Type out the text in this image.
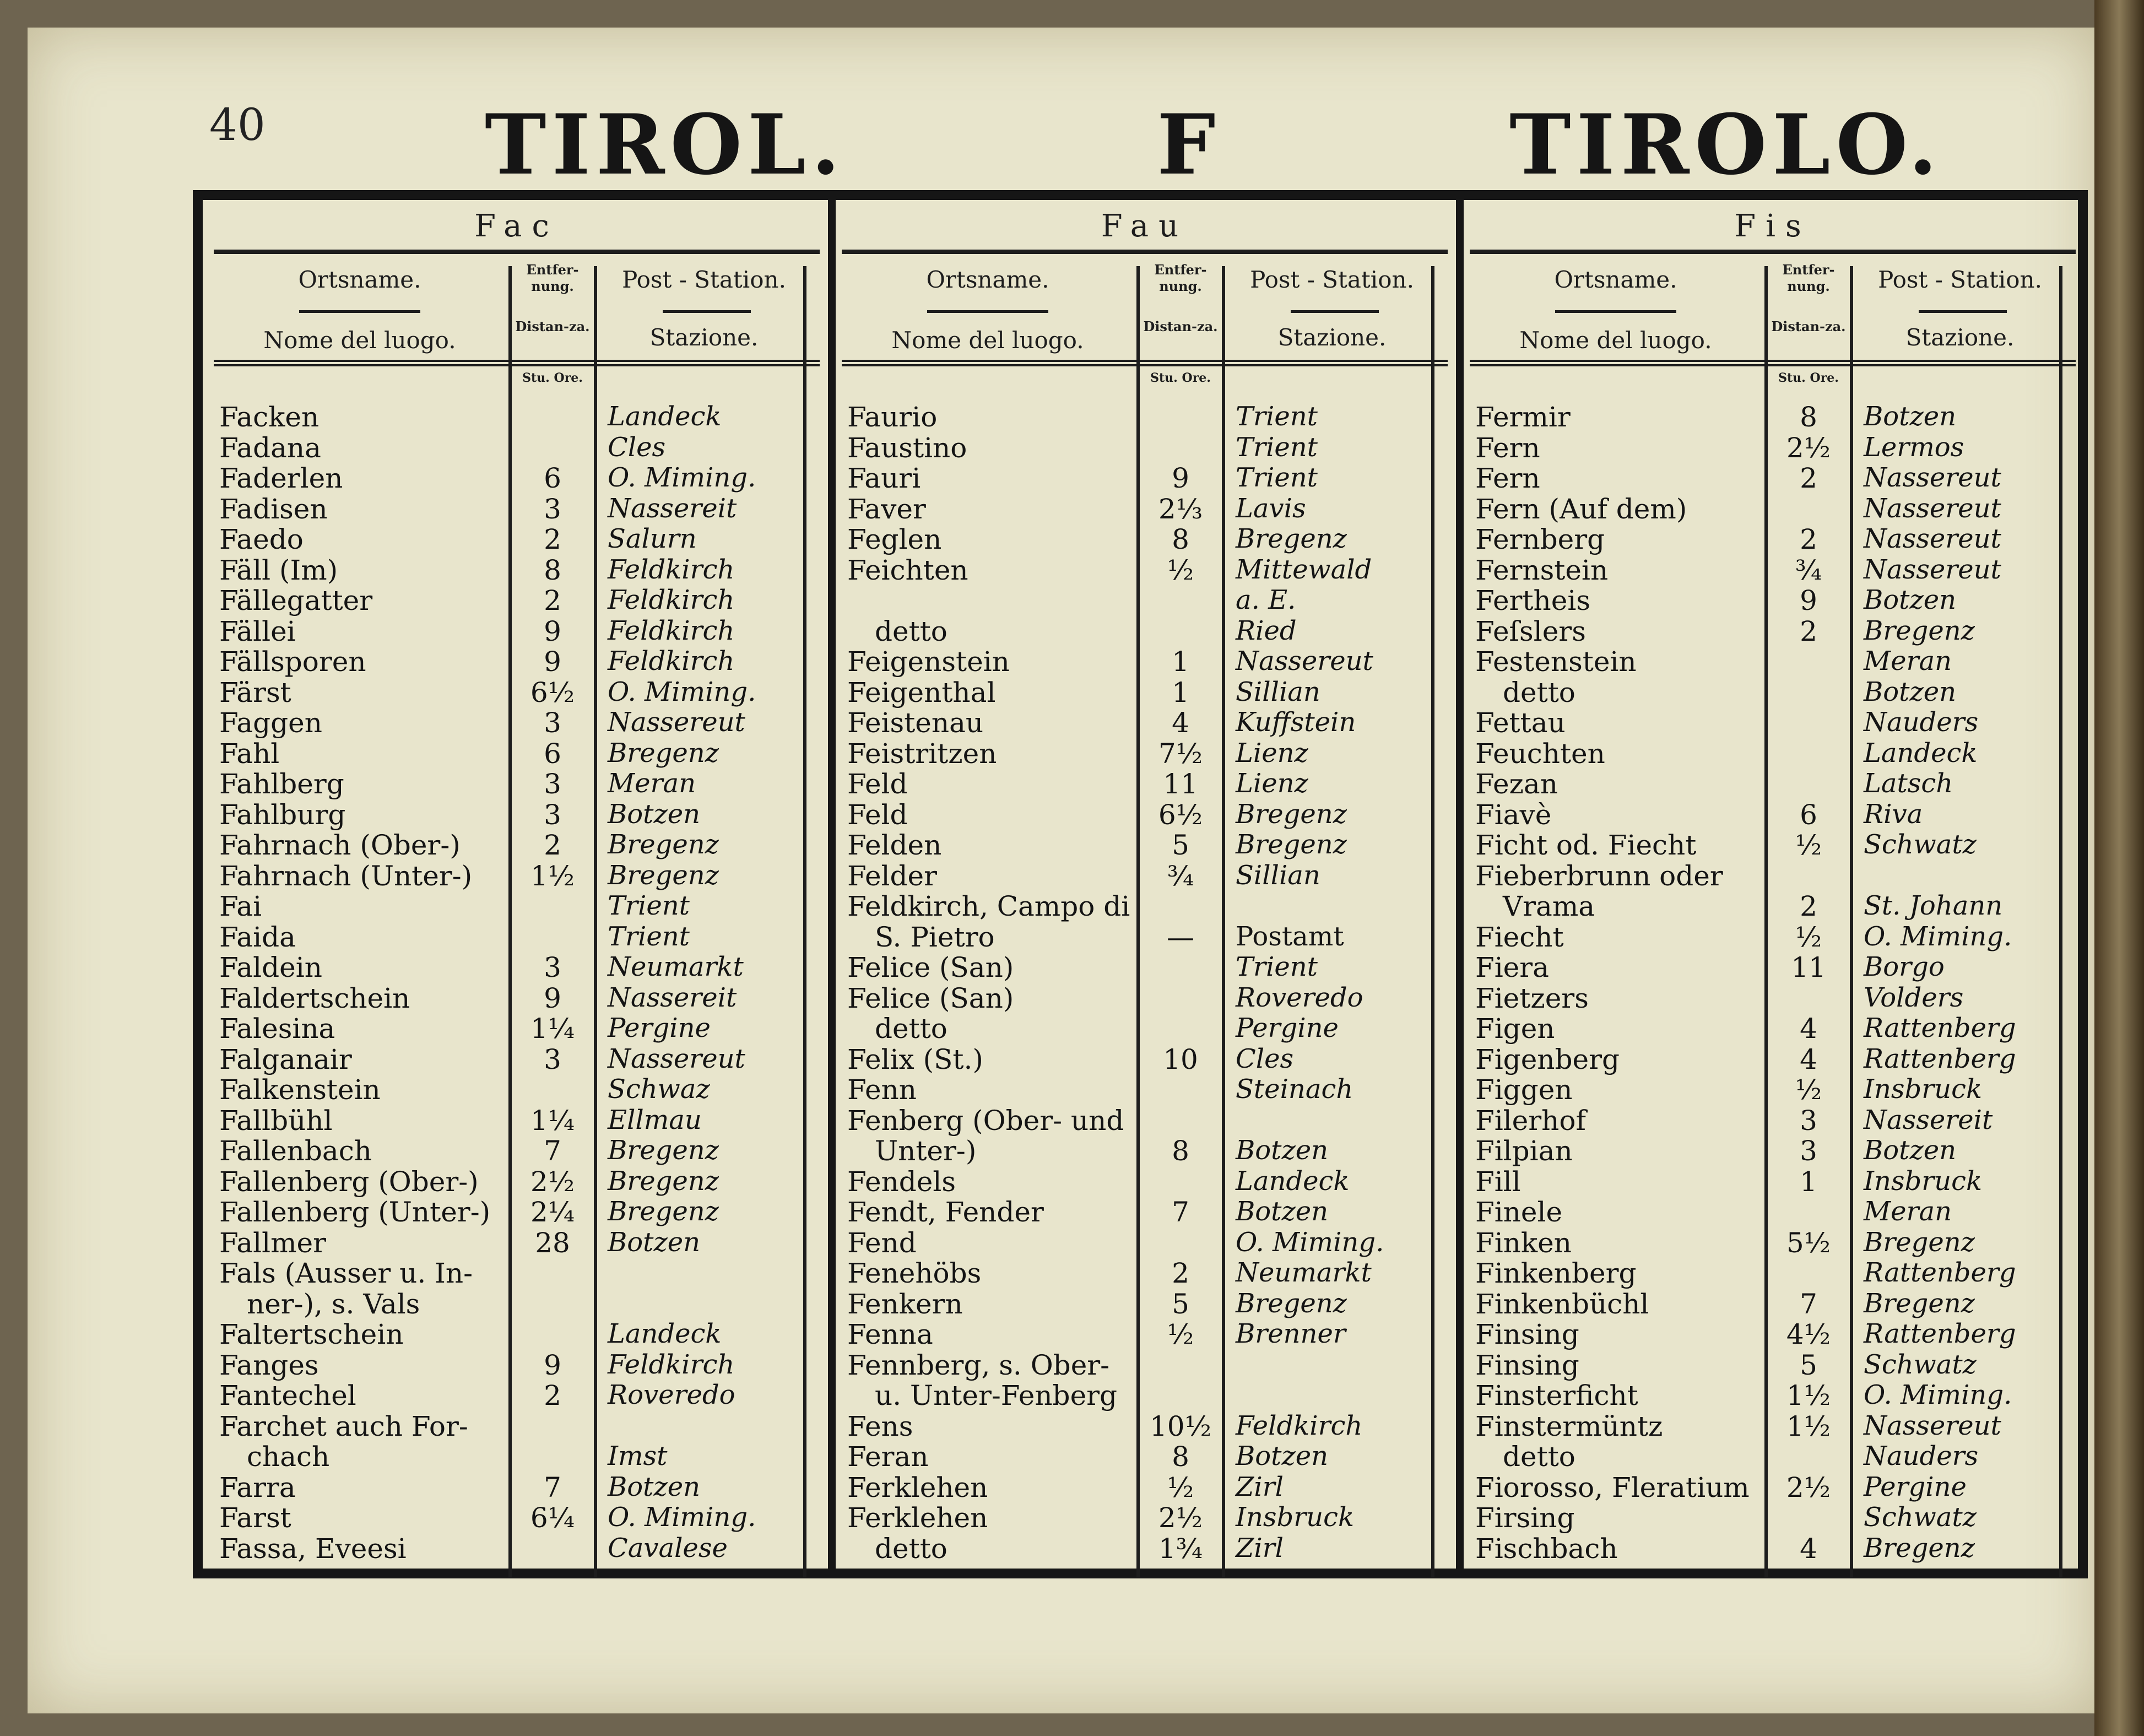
40	TIROL.	F	TIROLO.
Fac
Ortsname.
Nome del luogo.
Entfer-nung.
Distan-za.
Post - Station.
Stazione.
Stu. Ore.
Facken	Landeck
Fadana	Cles
Faderlen	6	O. Miming.
Fadisen	3	Nassereit
Faedo	2	Salurn
Fäll (Im)	8	Feldkirch
Fällegatter	2	Feldkirch
Fällei	9	Feldkirch
Fällsporen	9	Feldkirch
Färst	6½	O. Miming.
Faggen	3	Nassereut
Fahl	6	Bregenz
Fahlberg	3	Meran
Fahlburg	3	Botzen
Fahrnach (Ober-)	2	Bregenz
Fahrnach (Unter-)	1½	Bregenz
Fai	Trient
Faida	Trient
Faldein	3	Neumarkt
Faldertschein	9	Nassereit
Falesina	1¼	Pergine
Falganair	3	Nassereut
Falkenstein	Schwaz
Fallbühl	1¼	Ellmau
Fallenbach	7	Bregenz
Fallenberg (Ober-)	2½	Bregenz
Fallenberg (Unter-)	2¼	Bregenz
Fallmer	28	Botzen
Fals (Ausser u. In-
ner-), s. Vals
Faltertschein	Landeck
Fanges	9	Feldkirch
Fantechel	2	Roveredo
Farchet auch For-
chach	Imst
Farra	7	Botzen
Farst	6¼	O. Miming.
Fassa, Eveesi	Cavalese
Fau
Ortsname.
Nome del luogo.
Entfer-nung.
Distan-za.
Post - Station.
Stazione.
Stu. Ore.
Faurio	Trient
Faustino	Trient
Fauri	9	Trient
Faver	2⅓	Lavis
Feglen	8	Bregenz
Feichten	½	Mittewald
a. E.
detto	Ried
Feigenstein	1	Nassereut
Feigenthal	1	Sillian
Feistenau	4	Kuffstein
Feistritzen	7½	Lienz
Feld	11	Lienz
Feld	6½	Bregenz
Felden	5	Bregenz
Felder	¾	Sillian
Feldkirch, Campo di
S. Pietro	—	Postamt
Felice (San)	Trient
Felice (San)	Roveredo
detto	Pergine
Felix (St.)	10	Cles
Fenn	Steinach
Fenberg (Ober- und
Unter-)	8	Botzen
Fendels	Landeck
Fendt, Fender	7	Botzen
Fend	O. Miming.
Fenehöbs	2	Neumarkt
Fenkern	5	Bregenz
Fenna	½	Brenner
Fennberg, s. Ober-
u. Unter-Fenberg
Fens	10½ Feldkirch
Feran	8	Botzen
Ferklehen	½	Zirl
Ferklehen	2½	Insbruck
detto	1¾	Zirl
Fis
Ortsname.
Nome del luogo.
Entfer-nung.
Distan-za.
Post - Station.
Stazione.
Stu. Ore.
Fermir	8	Botzen
Fern	2½	Lermos
Fern	2	Nassereut
Fern (Auf dem)	Nassereut
Fernberg	2	Nassereut
Fernstein	¾	Nassereut
Fertheis	9	Botzen
Feſslers	2	Bregenz
Festenstein	Meran
detto	Botzen
Fettau	Nauders
Feuchten	Landeck
Fezan	Latsch
Fiavè	6	Riva
Ficht od. Fiecht	½	Schwatz
Fieberbrunn oder
Vrama	2	St. Johann
Fiecht	½	O. Miming.
Fiera	11	Borgo
Fietzers	Volders
Figen	4	Rattenberg
Figenberg	4	Rattenberg
Figgen	½	Insbruck
Filerhof	3	Nassereit
Filpian	3	Botzen
Fill	1	Insbruck
Finele	Meran
Finken	5½	Bregenz
Finkenberg	Rattenberg
Finkenbüchl	7	Bregenz
Finsing	4½	Rattenberg
Finsing	5	Schwatz
Finsterficht	1½	O. Miming.
Finstermüntz	1½	Nassereut
detto	Nauders
Fiorosso, Fleratium	2½	Pergine
Firsing	Schwatz
Fischbach	4	Bregenz
